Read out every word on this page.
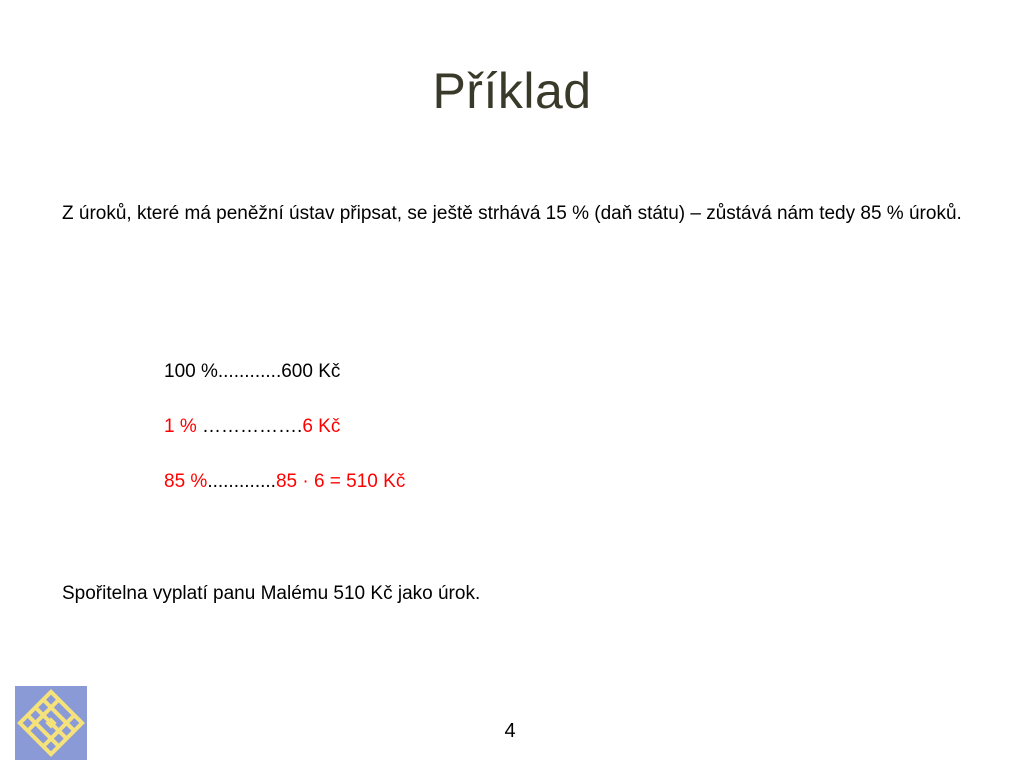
Příklad
Z úroků, které má peněžní ústav připsat, se ještě strhává 15 % (daň státu) – zůstává nám tedy 85 % úroků.
100 %............600 Kč
1 % …………….6 Kč
85 %.............85 · 6 = 510 Kč
Spořitelna vyplatí panu Malému 510 Kč jako úrok.
4
